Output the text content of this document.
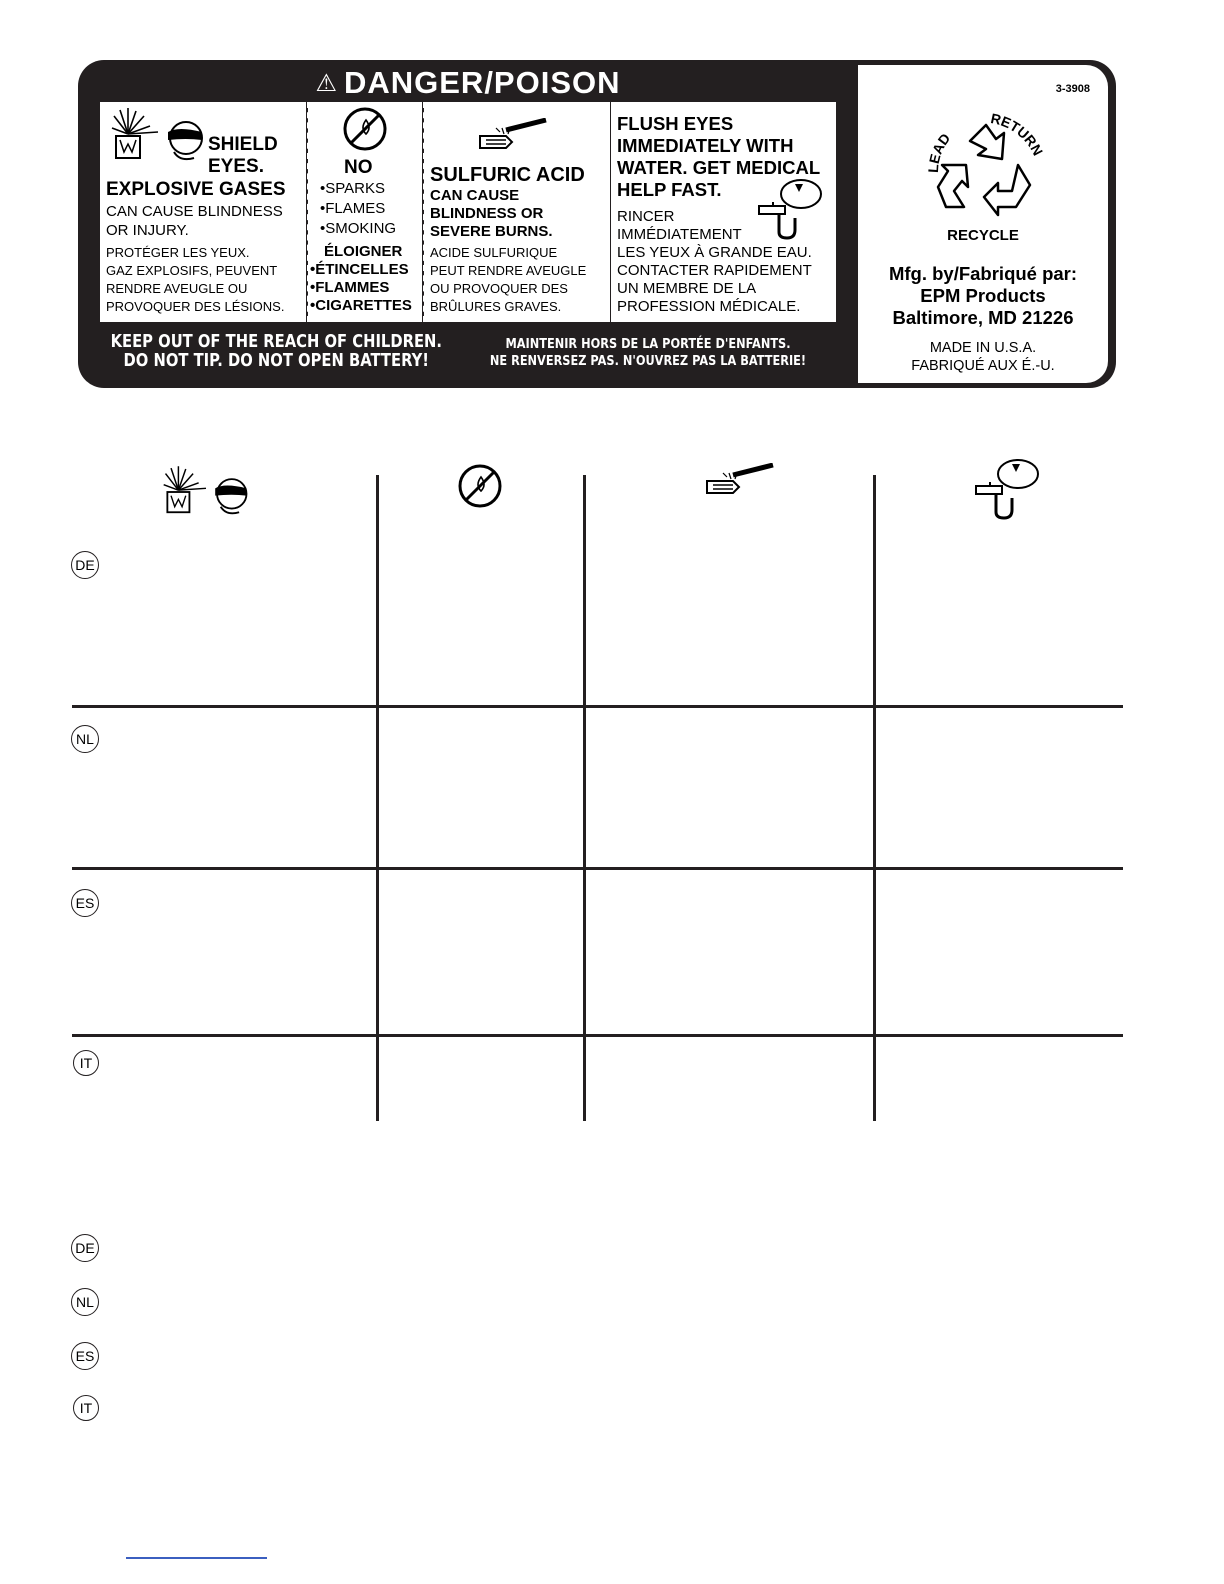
⚠ DANGER/POISON
SHIELD
EYES.
EXPLOSIVE GASES
CAN CAUSE BLINDNESS
OR INJURY.
PROTÉGER LES YEUX.
GAZ EXPLOSIFS, PEUVENT
RENDRE AVEUGLE OU
PROVOQUER DES LÉSIONS.
NO
•SPARKS
•FLAMES
•SMOKING
ÉLOIGNER
•ÉTINCELLES
•FLAMMES
•CIGARETTES
SULFURIC ACID
CAN CAUSE
BLINDNESS OR
SEVERE BURNS.
ACIDE SULFURIQUE
PEUT RENDRE AVEUGLE
OU PROVOQUER DES
BRÛLURES GRAVES.
FLUSH EYES
IMMEDIATELY WITH
WATER. GET MEDICAL
HELP FAST.
RINCER
IMMÉDIATEMENT
LES YEUX À GRANDE EAU.
CONTACTER RAPIDEMENT
UN MEMBRE DE LA
PROFESSION MÉDICALE.
KEEP OUT OF THE REACH OF CHILDREN.
DO NOT TIP. DO NOT OPEN BATTERY!
MAINTENIR HORS DE LA PORTÉE D'ENFANTS.
NE RENVERSEZ PAS. N'OUVREZ PAS LA BATTERIE!
3-3908
LEAD
RETURN
RECYCLE
Mfg. by/Fabriqué par:
EPM Products
Baltimore, MD 21226
MADE IN U.S.A.
FABRIQUÉ AUX É.-U.
DE
NL
ES
IT
DE
NL
ES
IT
